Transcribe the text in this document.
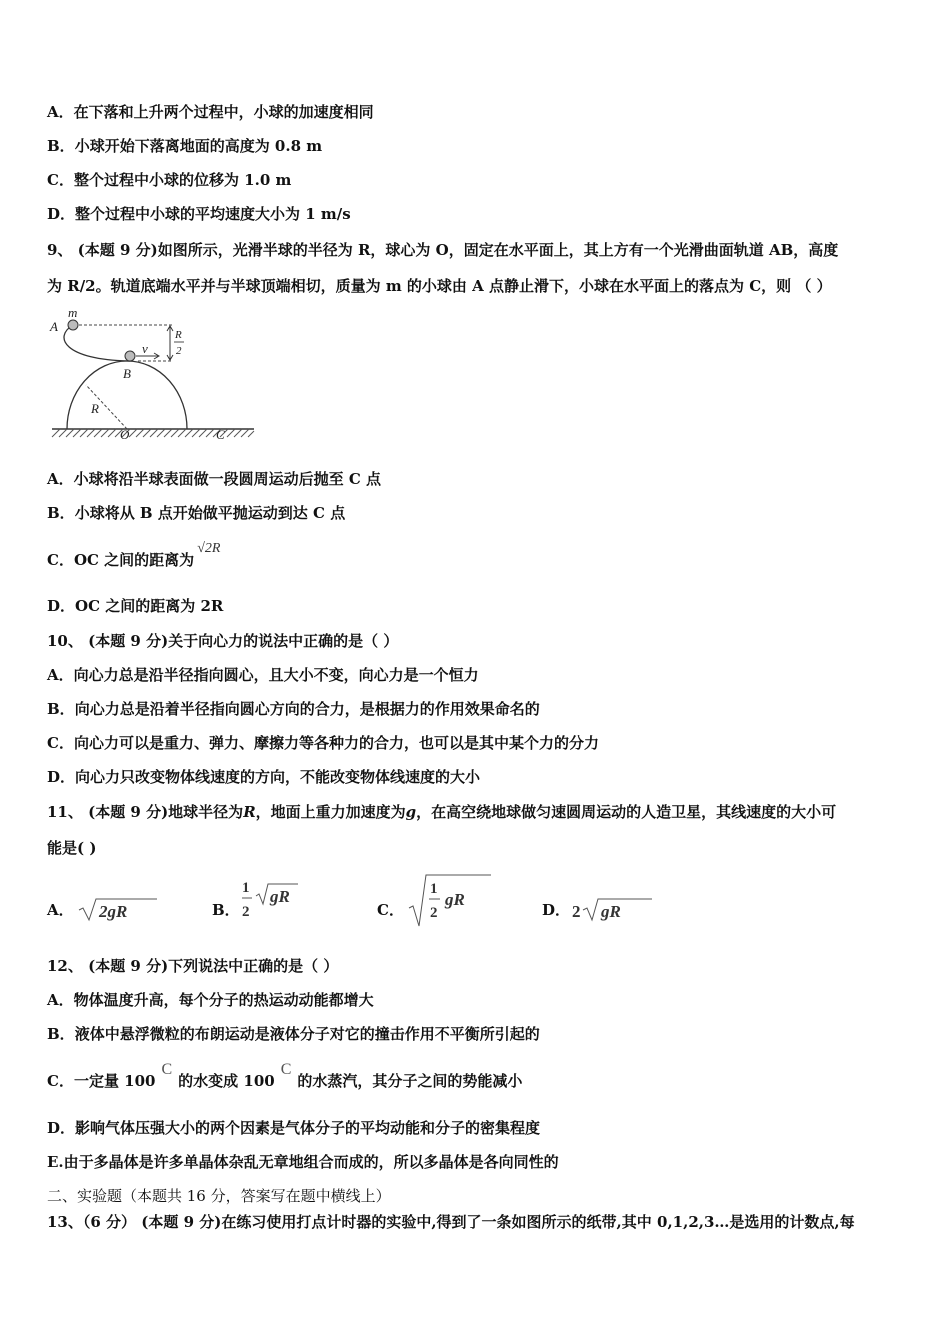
A．在下落和上升两个过程中，小球的加速度相同
B．小球开始下落离地面的高度为 0.8 m
C．整个过程中小球的位移为 1.0 m
D．整个过程中小球的平均速度大小为 1 m/s
9、 (本题 9 分)如图所示，光滑半球的半径为 R，球心为 O，固定在水平面上，其上方有一个光滑曲面轨道 AB，高度
为 R/2。轨道底端水平并与半球顶端相切，质量为 m 的小球由 A 点静止滑下，小球在水平面上的落点为 C，则 （ ）
A
m
B
v
R
2
R
O	C
A．小球将沿半球表面做一段圆周运动后抛至 C 点
B．小球将从 B 点开始做平抛运动到达 C 点
C．OC 之间的距离为√2R
D．OC 之间的距离为 2R
10、 (本题 9 分)关于向心力的说法中正确的是（ ）
A．向心力总是沿半径指向圆心，且大小不变，向心力是一个恒力
B．向心力总是沿着半径指向圆心方向的合力，是根据力的作用效果命名的
C．向心力可以是重力、弹力、摩擦力等各种力的合力，也可以是其中某个力的分力
D．向心力只改变物体线速度的方向，不能改变物体线速度的大小
11、 (本题 9 分)地球半径为R，地面上重力加速度为g，在高空绕地球做匀速圆周运动的人造卫星，其线速度的大小可
能是( )
A． 2gR	B．
1
2
gR
C．
1
2
gR
D． 2 gR
12、 (本题 9 分)下列说法中正确的是（ ）
A．物体温度升高，每个分子的热运动动能都增大
B．液体中悬浮微粒的布朗运动是液体分子对它的撞击作用不平衡所引起的
C．一定量 100C的水变成 100C的水蒸汽，其分子之间的势能减小
D．影响气体压强大小的两个因素是气体分子的平均动能和分子的密集程度
E.由于多晶体是许多单晶体杂乱无章地组合而成的，所以多晶体是各向同性的
二、实验题（本题共 16 分，答案写在题中横线上）
13、（6 分） (本题 9 分)在练习使用打点计时器的实验中,得到了一条如图所示的纸带,其中 0,1,2,3…是选用的计数点,每
